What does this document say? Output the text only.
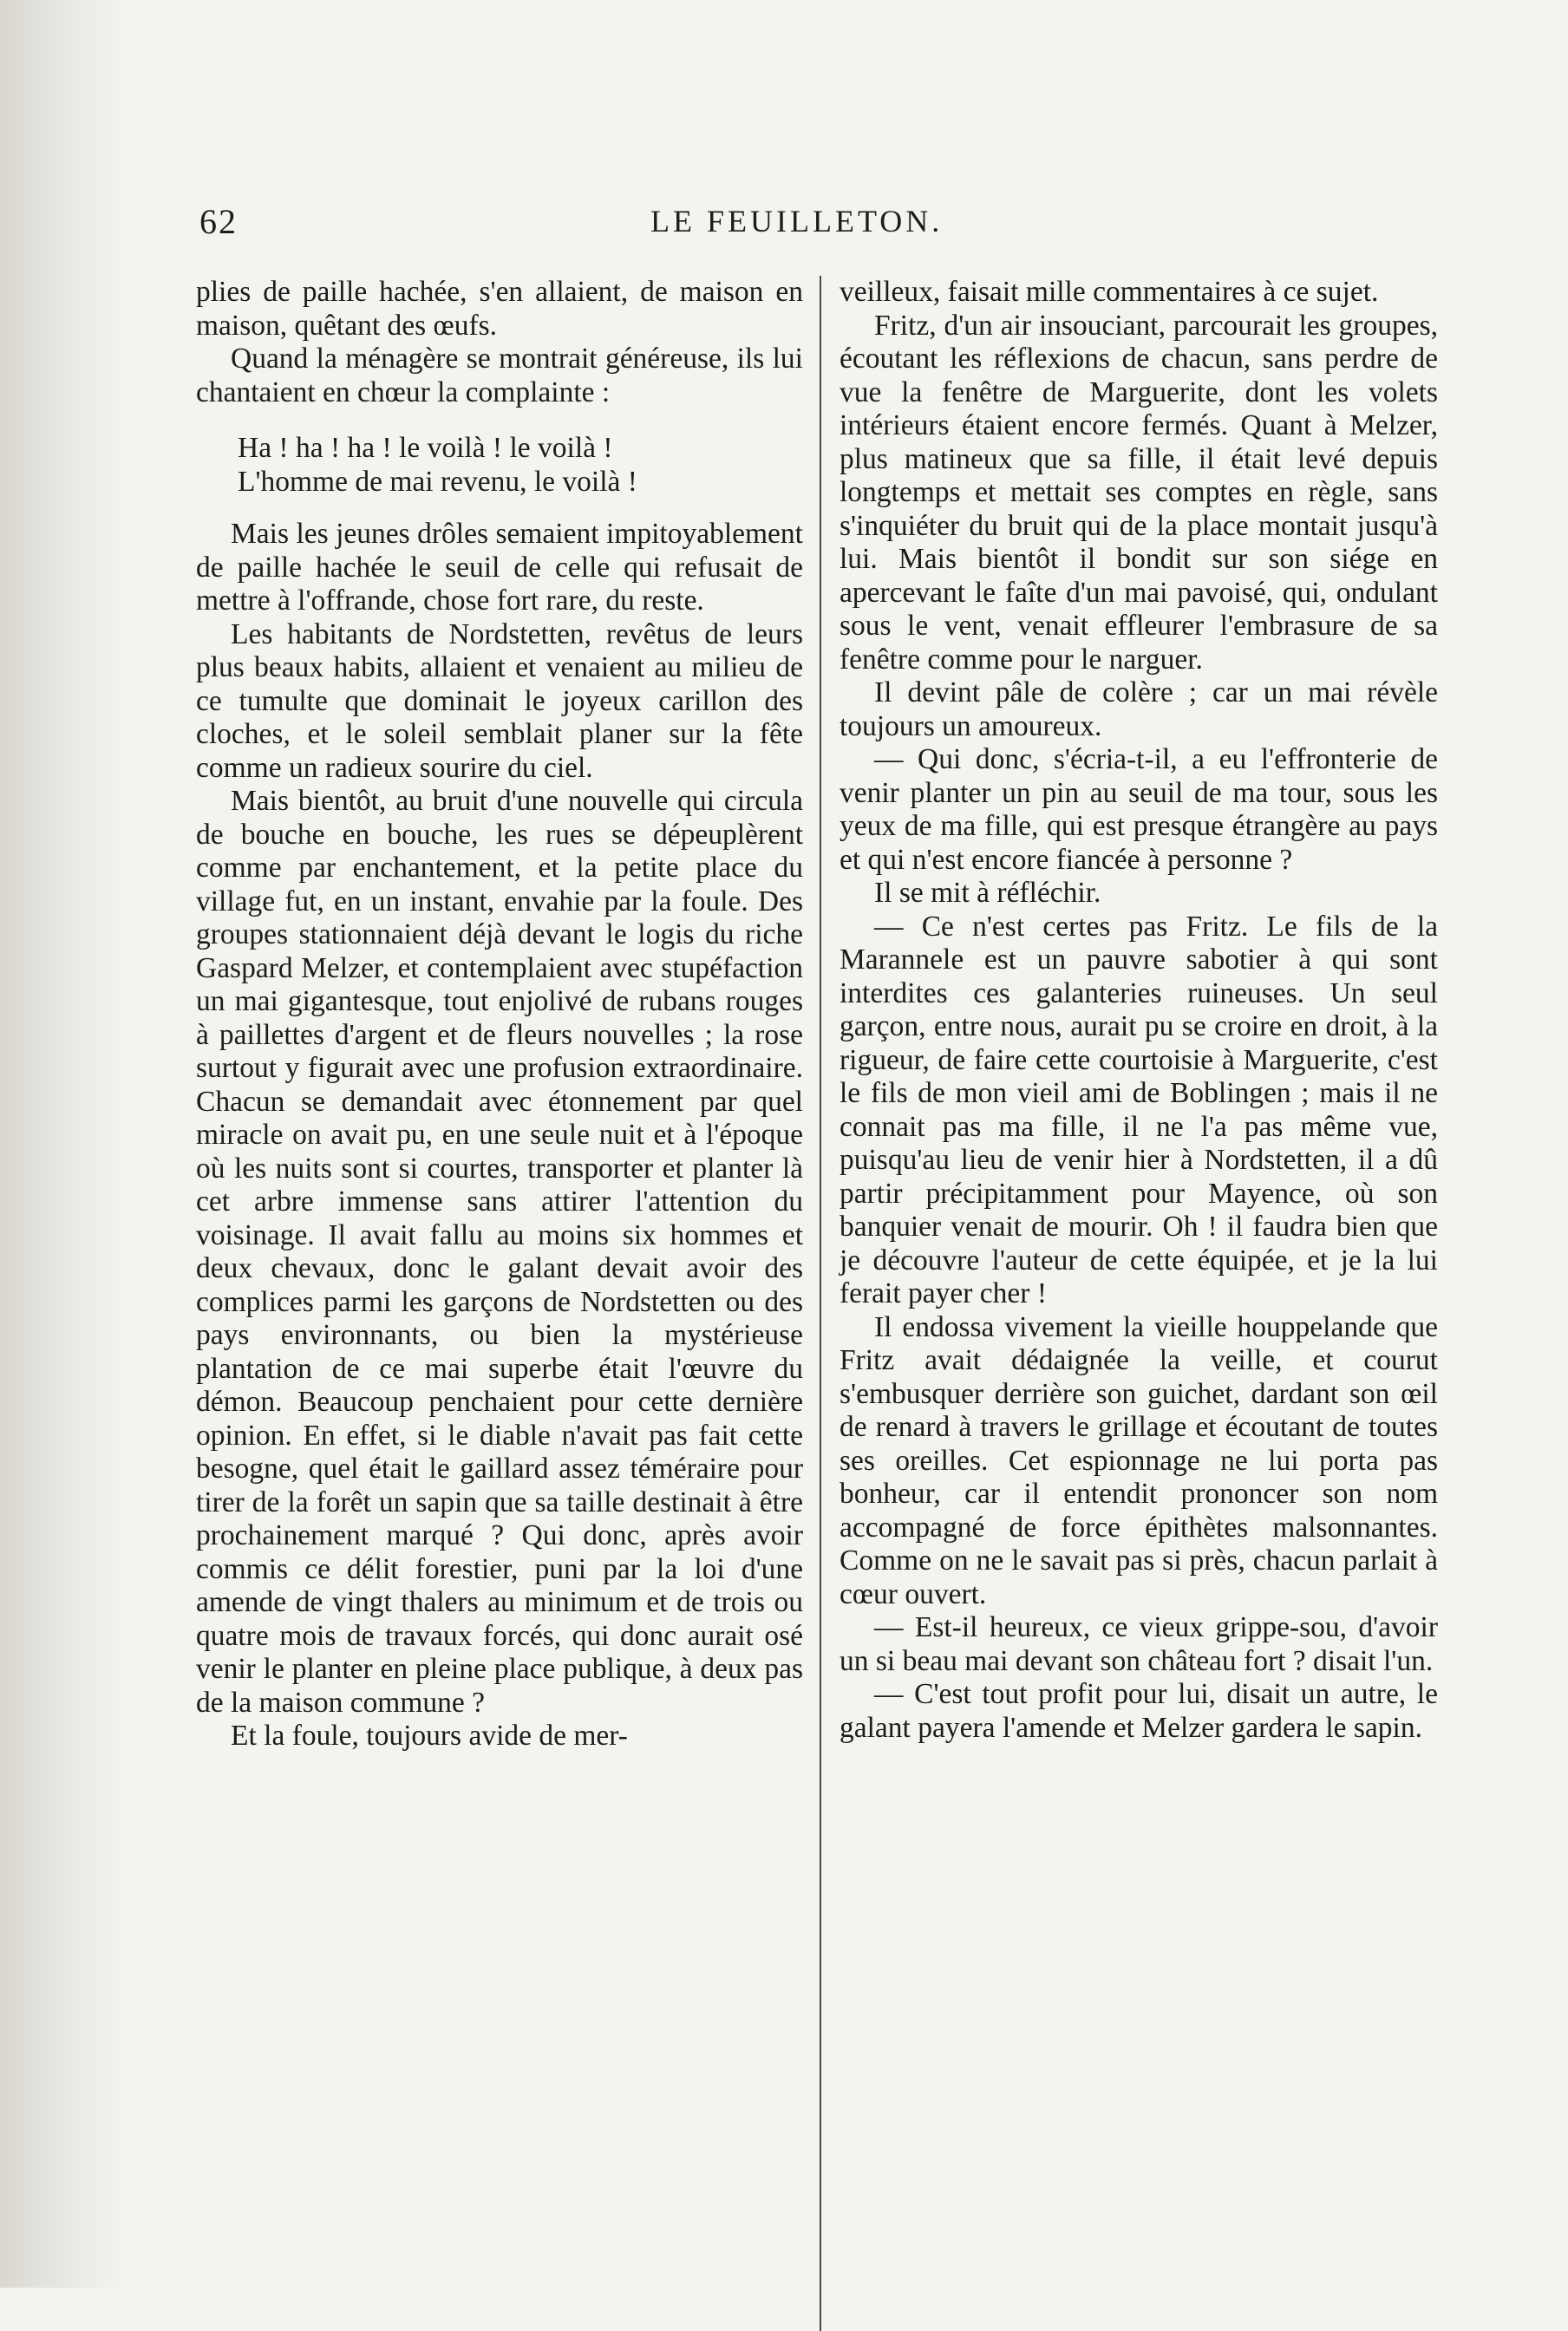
62	LE FEUILLETON.

plies de paille hachée, s'en allaient, de maison en maison, quêtant des œufs.

Quand la ménagère se montrait généreuse, ils lui chantaient en chœur la complainte :

Ha ! ha ! ha ! le voilà ! le voilà !
L'homme de mai revenu, le voilà !

Mais les jeunes drôles semaient impitoyablement de paille hachée le seuil de celle qui refusait de mettre à l'offrande, chose fort rare, du reste.

Les habitants de Nordstetten, revêtus de leurs plus beaux habits, allaient et venaient au milieu de ce tumulte que dominait le joyeux carillon des cloches, et le soleil semblait planer sur la fête comme un radieux sourire du ciel.

Mais bientôt, au bruit d'une nouvelle qui circula de bouche en bouche, les rues se dépeuplèrent comme par enchantement, et la petite place du village fut, en un instant, envahie par la foule. Des groupes stationnaient déjà devant le logis du riche Gaspard Melzer, et contemplaient avec stupéfaction un mai gigantesque, tout enjolivé de rubans rouges à paillettes d'argent et de fleurs nouvelles ; la rose surtout y figurait avec une profusion extraordinaire. Chacun se demandait avec étonnement par quel miracle on avait pu, en une seule nuit et à l'époque où les nuits sont si courtes, transporter et planter là cet arbre immense sans attirer l'attention du voisinage. Il avait fallu au moins six hommes et deux chevaux, donc le galant devait avoir des complices parmi les garçons de Nordstetten ou des pays environnants, ou bien la mystérieuse plantation de ce mai superbe était l'œuvre du démon. Beaucoup penchaient pour cette dernière opinion. En effet, si le diable n'avait pas fait cette besogne, quel était le gaillard assez téméraire pour tirer de la forêt un sapin que sa taille destinait à être prochainement marqué ? Qui donc, après avoir commis ce délit forestier, puni par la loi d'une amende de vingt thalers au minimum et de trois ou quatre mois de travaux forcés, qui donc aurait osé venir le planter en pleine place publique, à deux pas de la maison commune ?

Et la foule, toujours avide de mer-

veilleux, faisait mille commentaires à ce sujet.

Fritz, d'un air insouciant, parcourait les groupes, écoutant les réflexions de chacun, sans perdre de vue la fenêtre de Marguerite, dont les volets intérieurs étaient encore fermés. Quant à Melzer, plus matineux que sa fille, il était levé depuis longtemps et mettait ses comptes en règle, sans s'inquiéter du bruit qui de la place montait jusqu'à lui. Mais bientôt il bondit sur son siége en apercevant le faîte d'un mai pavoisé, qui, ondulant sous le vent, venait effleurer l'embrasure de sa fenêtre comme pour le narguer.

Il devint pâle de colère ; car un mai révèle toujours un amoureux.

— Qui donc, s'écria-t-il, a eu l'effronterie de venir planter un pin au seuil de ma tour, sous les yeux de ma fille, qui est presque étrangère au pays et qui n'est encore fiancée à personne ?

Il se mit à réfléchir.

— Ce n'est certes pas Fritz. Le fils de la Marannele est un pauvre sabotier à qui sont interdites ces galanteries ruineuses. Un seul garçon, entre nous, aurait pu se croire en droit, à la rigueur, de faire cette courtoisie à Marguerite, c'est le fils de mon vieil ami de Boblingen ; mais il ne connait pas ma fille, il ne l'a pas même vue, puisqu'au lieu de venir hier à Nordstetten, il a dû partir précipitamment pour Mayence, où son banquier venait de mourir. Oh ! il faudra bien que je découvre l'auteur de cette équipée, et je la lui ferait payer cher !

Il endossa vivement la vieille houppelande que Fritz avait dédaignée la veille, et courut s'embusquer derrière son guichet, dardant son œil de renard à travers le grillage et écoutant de toutes ses oreilles. Cet espionnage ne lui porta pas bonheur, car il entendit prononcer son nom accompagné de force épithètes malsonnantes. Comme on ne le savait pas si près, chacun parlait à cœur ouvert.

— Est-il heureux, ce vieux grippe-sou, d'avoir un si beau mai devant son château fort ? disait l'un.

— C'est tout profit pour lui, disait un autre, le galant payera l'amende et Melzer gardera le sapin.
